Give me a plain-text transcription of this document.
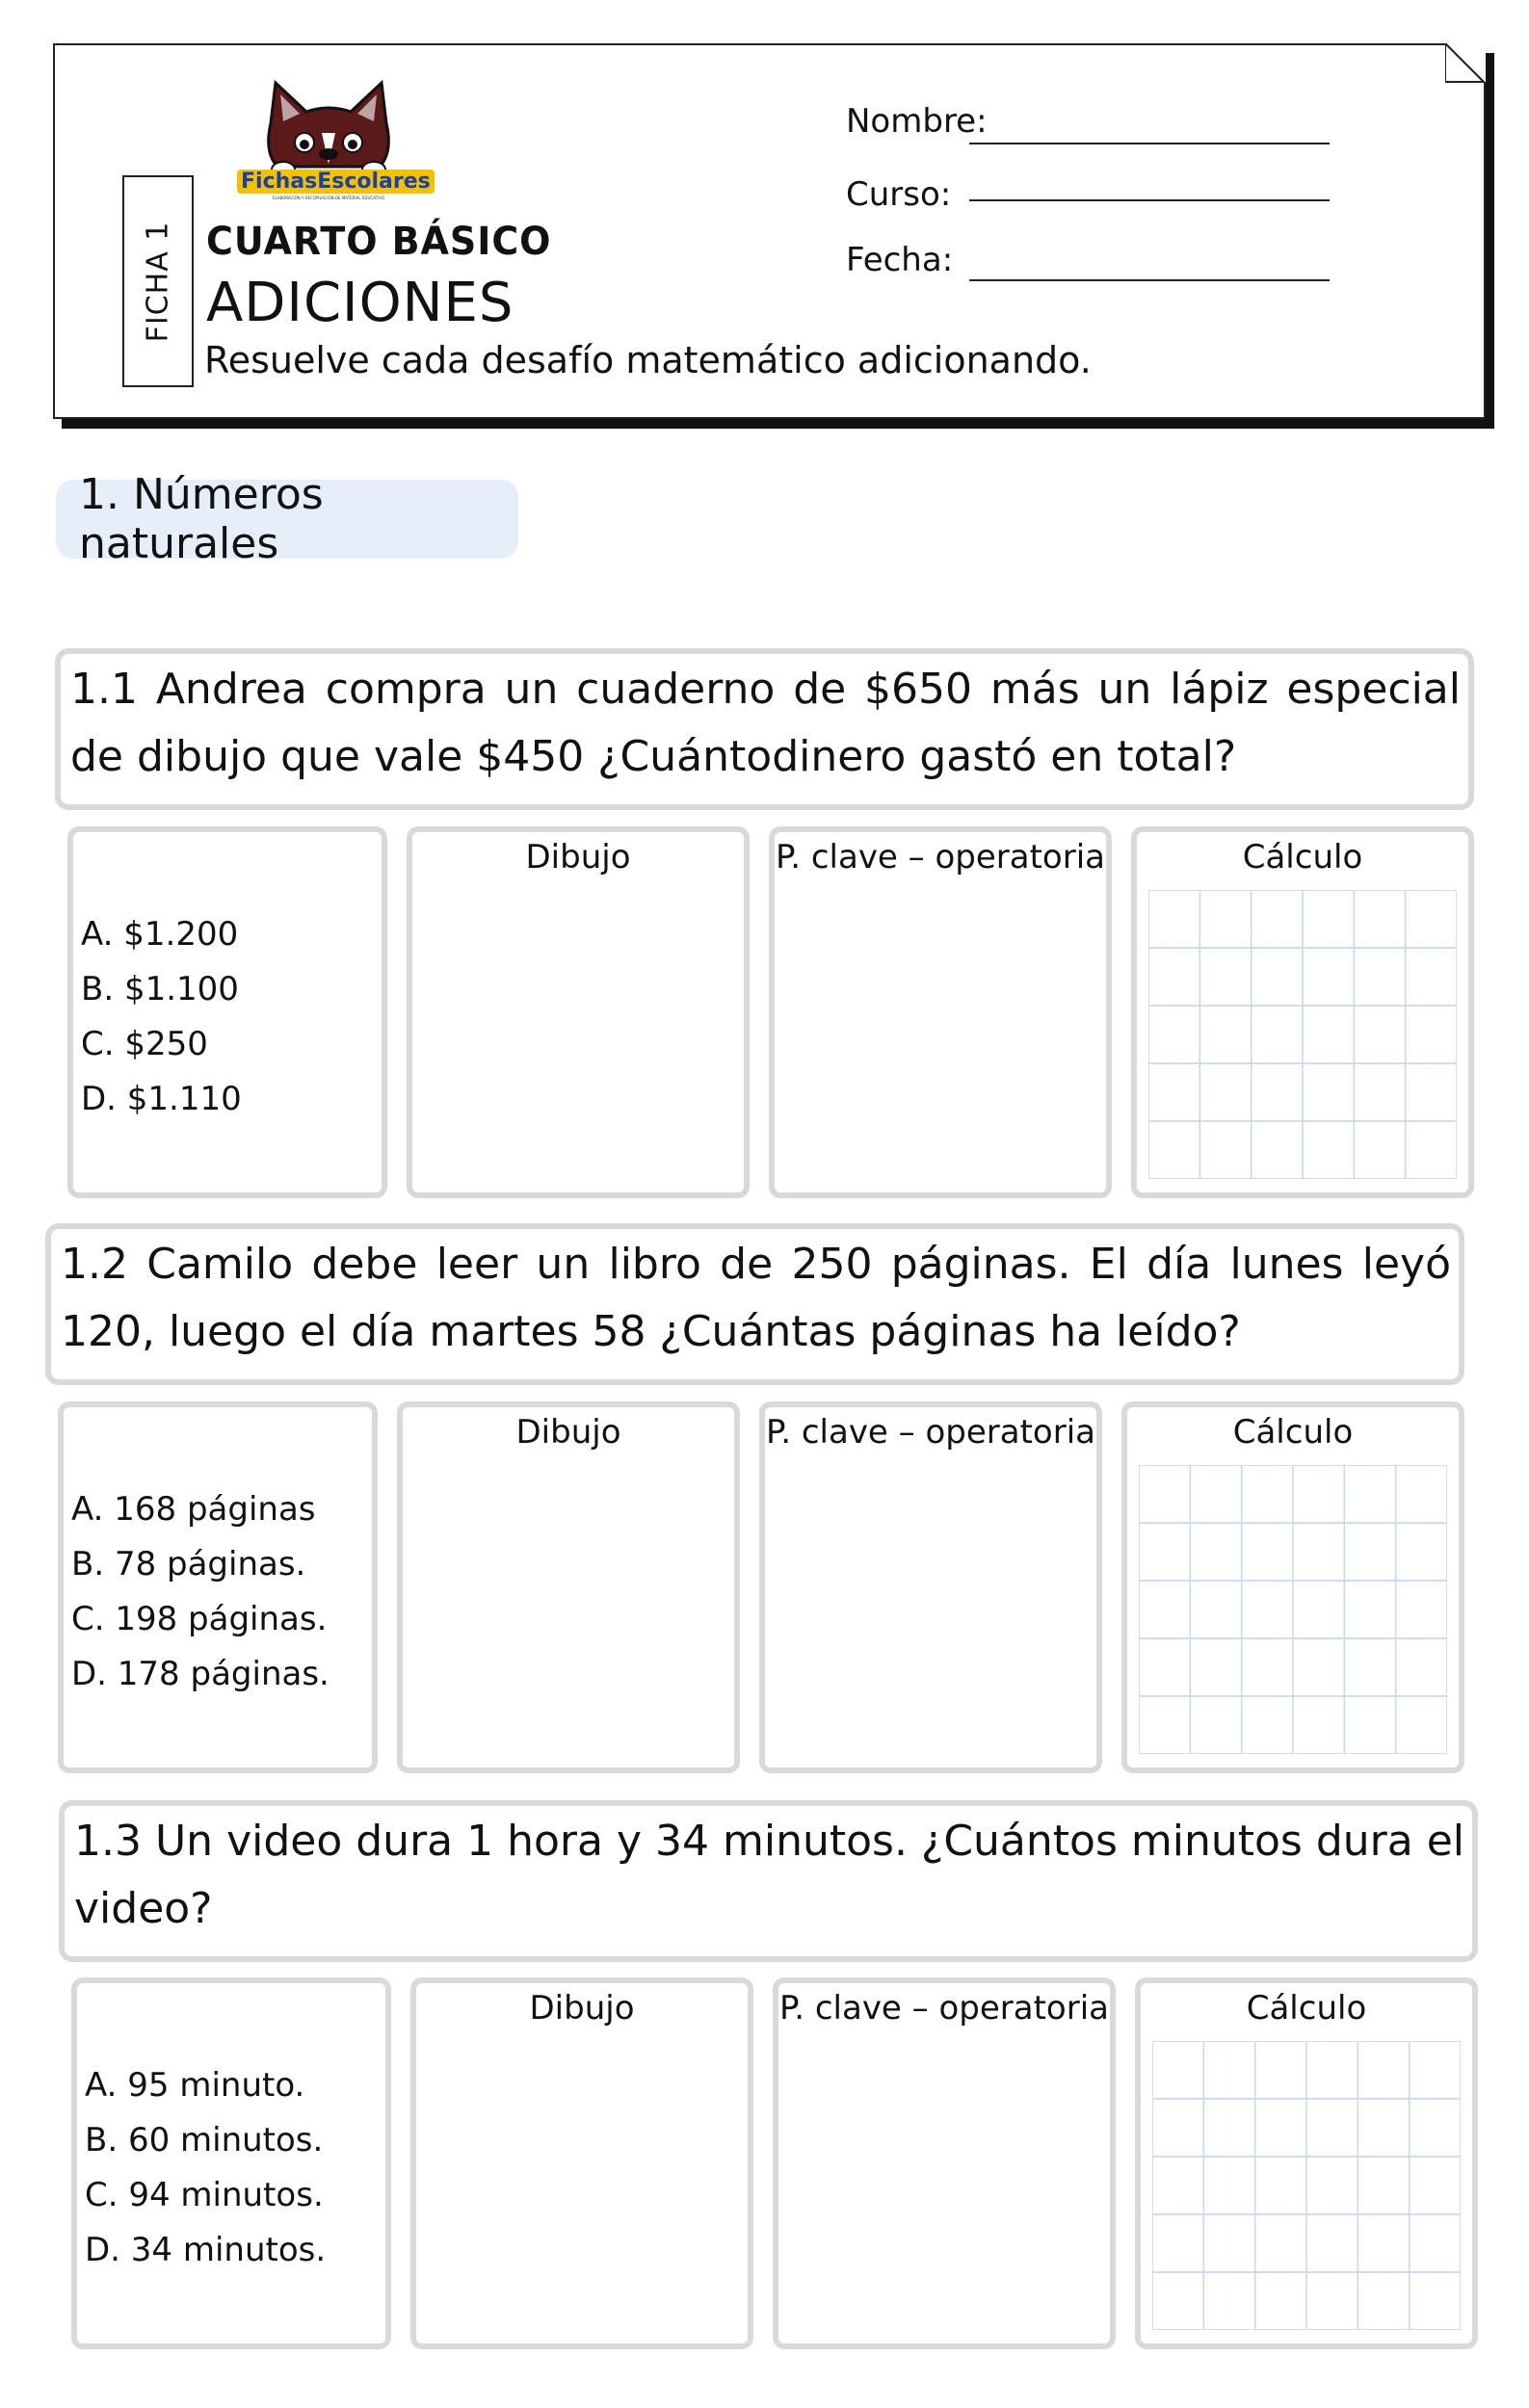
FichasEscolares
ELABORACIÓN Y RECOPILACIÓN DE MATERIAL EDUCATIVO
FICHA 1 CUARTO BÁSICO
ADICIONES
Resuelve cada desafío matemático adicionando.
Nombre:
Curso:
Fecha:
1. Números naturales
1.1 Andrea compra un cuaderno de $650 más un lápiz especial de dibujo que vale $450 ¿Cuántodinero gastó en total?
A. $1.200
B. $1.100
C. $250
D. $1.110
Dibujo	P. clave – operatoria	Cálculo
1.2 Camilo debe leer un libro de 250 páginas. El día lunes leyó 120, luego el día martes 58 ¿Cuántas páginas ha leído?
A. 168 páginas
B. 78 páginas.
C. 198 páginas.
D. 178 páginas.
Dibujo	P. clave – operatoria	Cálculo
1.3 Un video dura 1 hora y 34 minutos. ¿Cuántos minutos dura el video?
A. 95 minuto.
B. 60 minutos.
C. 94 minutos.
D. 34 minutos.
Dibujo	P. clave – operatoria	Cálculo
